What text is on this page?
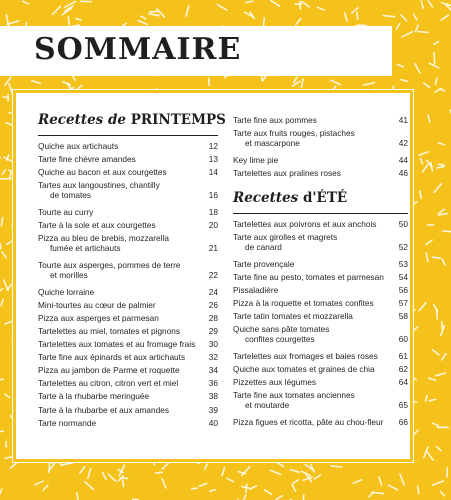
SOMMAIRE
Recettes de PRINTEMPS
Quiche aux artichauts	12
Tarte fine chèvre amandes	13
Quiche au bacon et aux courgettes	14
Tartes aux langoustines, chantilly

de tomates	16
Tourte au curry	18
Tarte à la sole et aux courgettes	20
Pizza au bleu de brebis, mozzarella

fumée et artichauts	21
Tourte aux asperges, pommes de terre

et morilles	22
Quiche lorraine	24
Mini-tourtes au cœur de palmier	26
Pizza aux asperges et parmesan	28
Tartelettes au miel, tomates et pignons	29
Tartelettes aux tomates et au fromage frais 30
Tarte fine aux épinards et aux artichauts	32
Pizza au jambon de Parme et roquette	34
Tartelettes au citron, citron vert et miel	36
Tarte à la rhubarbe meringuée	38
Tarte à la rhubarbe et aux amandes	39
Tarte normande	40
Tarte fine aux pommes	41
Tarte aux fruits rouges, pistaches

et mascarpone	42
Key lime pie	44
Tartelettes aux pralines roses	46
Recettes d'ÉTÉ
Tartelettes aux poivrons et aux anchois	50
Tarte aux girolles et magrets

de canard	52
Tarte provençale	53
Tarte fine au pesto, tomates et parmesan 54
Pissaladière	56
Pizza à la roquette et tomates confites	57
Tarte tatin tomates et mozzarella	58
Quiche sans pâte tomates

confites courgettes	60
Tartelettes aux fromages et baies roses	61
Quiche aux tomates et graines de chia	62
Pizzettes aux légumes	64
Tarte fine aux tomates anciennes

et moutarde	65
Pizza figues et ricotta, pâte au chou-fleur 66
